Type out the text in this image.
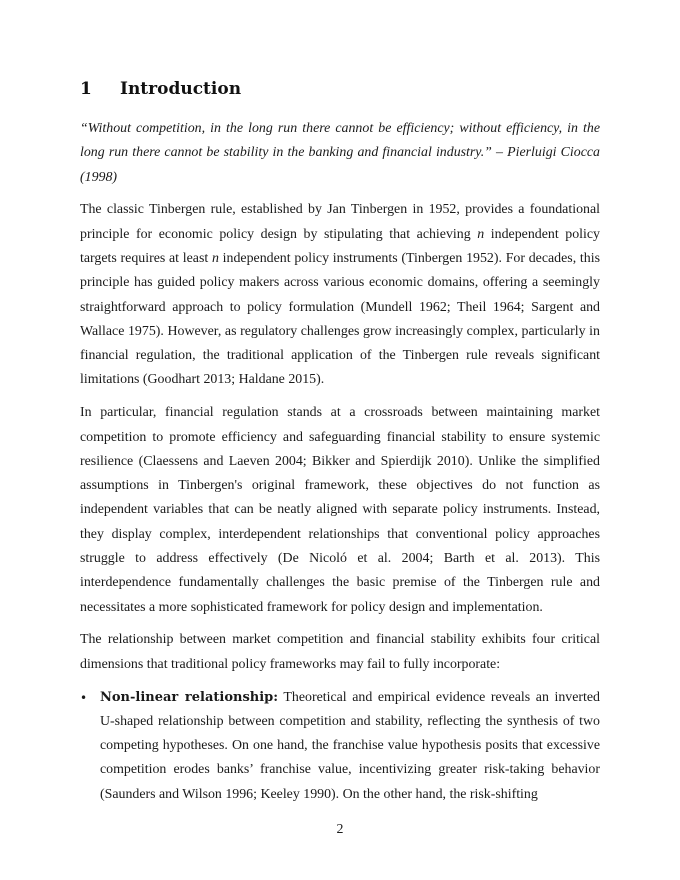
1	Introduction

“Without competition, in the long run there cannot be efficiency; without efficiency, in the long run there cannot be stability in the banking and financial industry.” – Pierluigi Ciocca (1998)

The classic Tinbergen rule, established by Jan Tinbergen in 1952, provides a foundational principle for economic policy design by stipulating that achieving n independent policy targets requires at least n independent policy instruments (Tinbergen 1952). For decades, this principle has guided policy makers across various economic domains, offering a seemingly straightforward approach to policy formulation (Mundell 1962; Theil 1964; Sargent and Wallace 1975). However, as regulatory challenges grow increasingly complex, particularly in financial regulation, the traditional application of the Tinbergen rule reveals significant limitations (Goodhart 2013; Haldane 2015).

In particular, financial regulation stands at a crossroads between maintaining market competition to promote efficiency and safeguarding financial stability to ensure systemic resilience (Claessens and Laeven 2004; Bikker and Spierdijk 2010). Unlike the simplified assumptions in Tinbergen's original framework, these objectives do not function as independent variables that can be neatly aligned with separate policy instruments. Instead, they display complex, interdependent relationships that conventional policy approaches struggle to address effectively (De Nicoló et al. 2004; Barth et al. 2013). This interdependence fundamentally challenges the basic premise of the Tinbergen rule and necessitates a more sophisticated framework for policy design and implementation.

The relationship between market competition and financial stability exhibits four critical dimensions that traditional policy frameworks may fail to fully incorporate:

• Non-linear relationship: Theoretical and empirical evidence reveals an inverted U-shaped relationship between competition and stability, reflecting the synthesis of two competing hypotheses. On one hand, the franchise value hypothesis posits that excessive competition erodes banks’ franchise value, incentivizing greater risk-taking behavior (Saunders and Wilson 1996; Keeley 1990). On the other hand, the risk-shifting
2
